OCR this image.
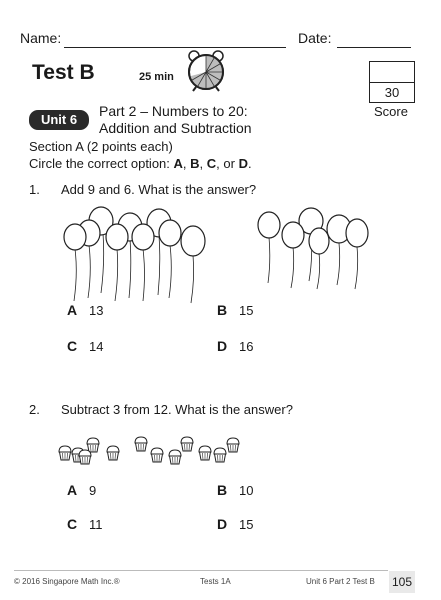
Name:	Date:
Test B	25 min
30
Score
Unit 6
Part 2 – Numbers to 20:
Addition and Subtraction
Section A (2 points each)
Circle the correct option: A, B, C, or D.
1. Add 9 and 6. What is the answer?
A 13	B 15
C 14	D 16
2. Subtract 3 from 12. What is the answer?
A 9	B 10
C 11	D 15
© 2016 Singapore Math Inc.®	Tests 1A	Unit 6 Part 2 Test B 105
